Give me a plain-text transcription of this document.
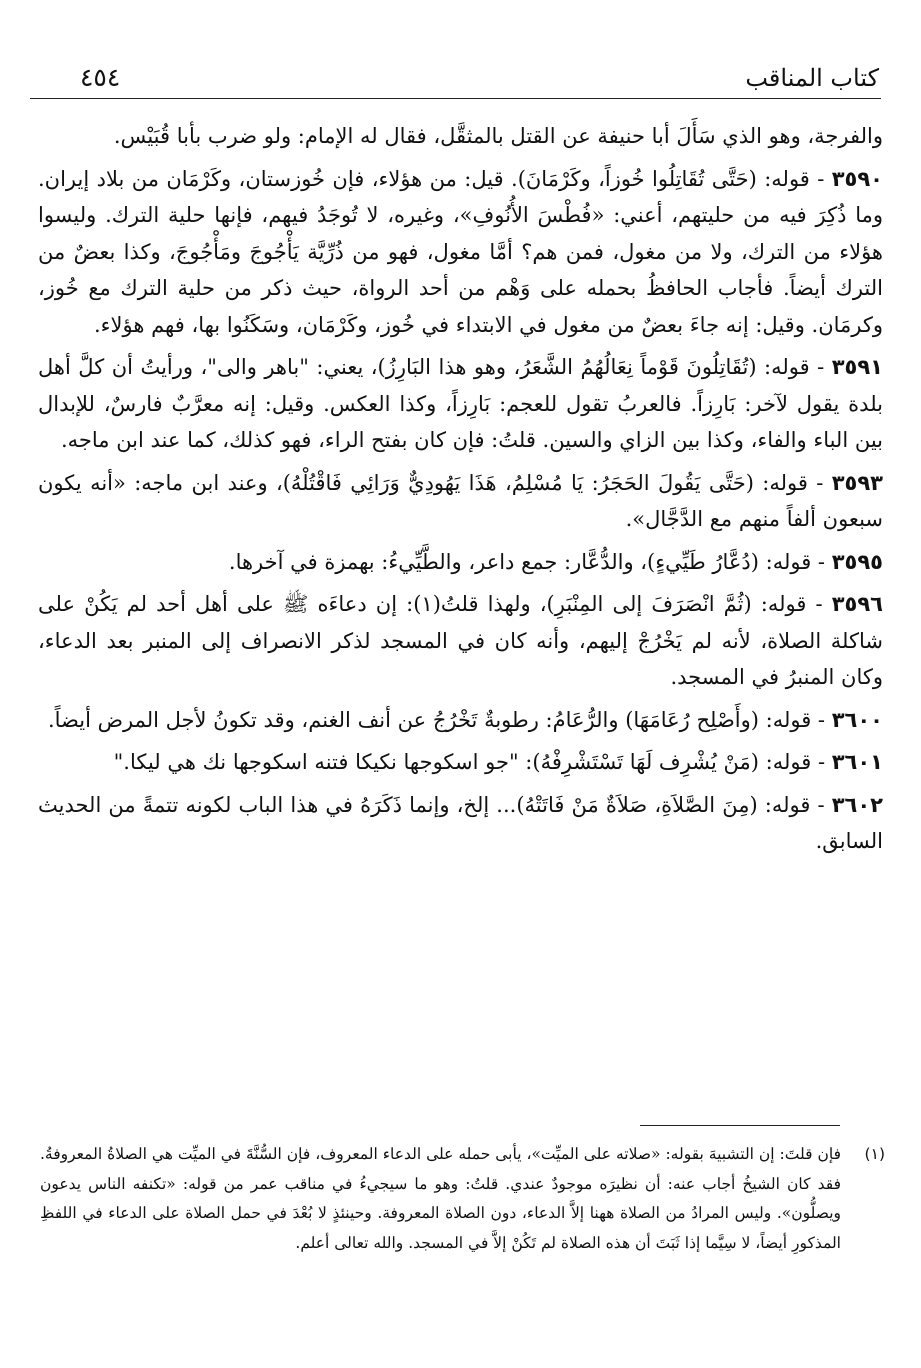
٤٥٤	كتاب المناقب

والفرجة، وهو الذي سَأَلَ أبا حنيفة عن القتل بالمثقَّل، فقال له الإمام: ولو ضرب بأبا قُبَيْس.

٣٥٩٠ - قوله: (حَتَّى تُقَاتِلُوا خُوزاً، وكَرْمَانَ). قيل: من هؤلاء، فإن خُوزستان، وكَرْمَان من بلاد إيران. وما ذُكِرَ فيه من حليتهم، أعني: «فُطْسَ الأُنُوفِ»، وغيره، لا تُوجَدُ فيهم، فإنها حلية الترك. وليسوا هؤلاء من الترك، ولا من مغول، فمن هم؟ أمَّا مغول، فهو من ذُرِّيَّة يَأْجُوجَ ومَأْجُوجَ، وكذا بعضٌ من الترك أيضاً. فأجاب الحافظُ بحمله على وَهْم من أحد الرواة، حيث ذكر من حلية الترك مع خُوز، وكرمَان. وقيل: إنه جاءَ بعضٌ من مغول في الابتداء في خُوز، وكَرْمَان، وسَكَنُوا بها، فهم هؤلاء.

٣٥٩١ - قوله: (تُقَاتِلُونَ قَوْماً نِعَالُهُمُ الشَّعَرُ، وهو هذا البَارِزُ)، يعني: "باهر والى"، ورأيتُ أن كلَّ أهل بلدة يقول لآخر: بَارِزاً. فالعربُ تقول للعجم: بَارِزاً، وكذا العكس. وقيل: إنه معرَّبٌ فارسٌ، للإبدال بين الباء والفاء، وكذا بين الزاي والسين. قلتُ: فإن كان بفتح الراء، فهو كذلك، كما عند ابن ماجه.

٣٥٩٣ - قوله: (حَتَّى يَقُولَ الحَجَرُ: يَا مُسْلِمُ، هَذَا يَهُودِيٌّ وَرَائِي فَاقْتُلْهُ)، وعند ابن ماجه: «أنه يكون سبعون ألفاً منهم مع الدَّجَّال».

٣٥٩٥ - قوله: (دُعَّارُ طَيِّيءٍ)، والدُّعَّار: جمع داعر، والطَّيِّيءُ: بهمزة في آخرها.

٣٥٩٦ - قوله: (ثُمَّ انْصَرَفَ إلى المِنْبَرِ)، ولهذا قلتُ(١): إن دعاءَه ﷺ على أهل أحد لم يَكُنْ على شاكلة الصلاة، لأنه لم يَخْرُجْ إليهم، وأنه كان في المسجد لذكر الانصراف إلى المنبر بعد الدعاء، وكان المنبرُ في المسجد.

٣٦٠٠ - قوله: (وأَصْلِح رُعَامَهَا) والرُّعَامُ: رطوبةٌ تَخْرُجُ عن أنف الغنم، وقد تكونُ لأجل المرض أيضاً.

٣٦٠١ - قوله: (مَنْ يُشْرِف لَهَا تَسْتَشْرِفْهُ): "جو اسكوجها نكيكا فتنه اسكوجها نك هي ليكا."

٣٦٠٢ - قوله: (مِنَ الصَّلاَةِ، صَلاَةٌ مَنْ فَاتَتْهُ)... إلخ، وإنما ذَكَرَهُ في هذا الباب لكونه تتمةً من الحديث السابق.

(١)
فإن قلتَ: إن التشبيهَ بقوله: «صلاته على الميِّت»، يأبى حمله على الدعاء المعروف، فإن السُّنَّةَ في الميِّت هي الصلاةُ المعروفةُ. فقد كان الشيخُ أجاب عنه: أن نظيرَه موجودٌ عندي. قلتُ: وهو ما سيجيءُ في مناقب عمر من قوله: «تكنفه الناس يدعون ويصلُّون». وليس المرادُ من الصلاة ههنا إلاَّ الدعاء، دون الصلاة المعروفة. وحينئذٍ لا بُعْدَ في حمل الصلاة على الدعاء في اللفظِ المذكورِ أيضاً، لا سِيَّما إذا ثَبَتَ أن هذه الصلاة لم تَكُنْ إلاَّ في المسجد. والله تعالى أعلم.
